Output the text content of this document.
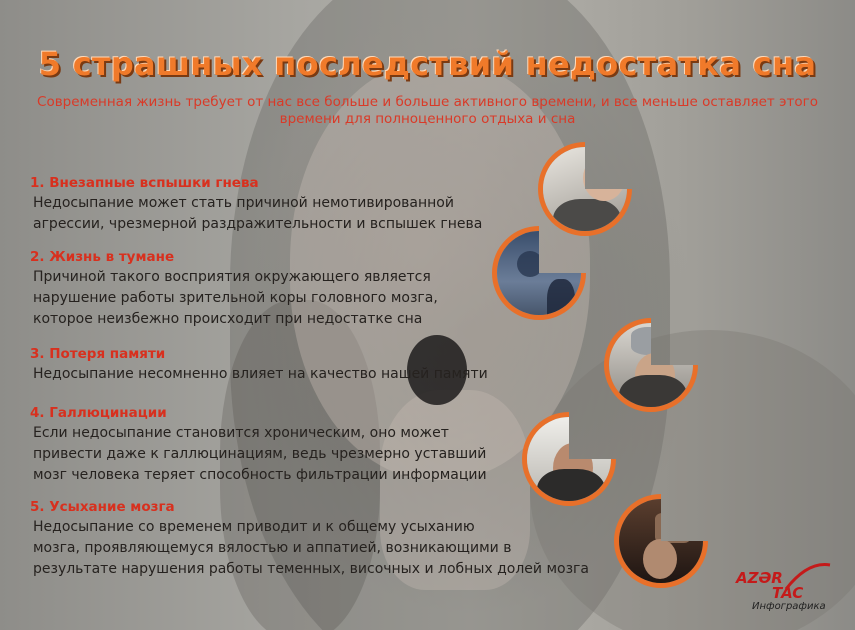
5 страшных последствий недостатка сна

Современная жизнь требует от нас все больше и больше активного времени, и все меньше оставляет этого времени для полноценного отдыха и сна

1. Внезапные вспышки гнева

Недосыпание может стать причиной немотивированной
агрессии, чрезмерной раздражительности и вспышек гнева

2. Жизнь в тумане

Причиной такого восприятия окружающего является
нарушение работы зрительной коры головного мозга,
которое неизбежно происходит при недостатке сна

3. Потеря памяти

Недосыпание несомненно влияет на качество нашей памяти

4. Галлюцинации

Если недосыпание становится хроническим, оно может
привести даже к галлюцинациям, ведь чрезмерно уставший
мозг человека теряет способность фильтрации информации

5. Усыхание мозга

Недосыпание со временем приводит и к общему усыханию
мозга, проявляющемуся вялостью и аппатией, возникающими в
результате нарушения работы теменных, височных и лобных долей мозга	AZƏR
TAC
Инфографика
